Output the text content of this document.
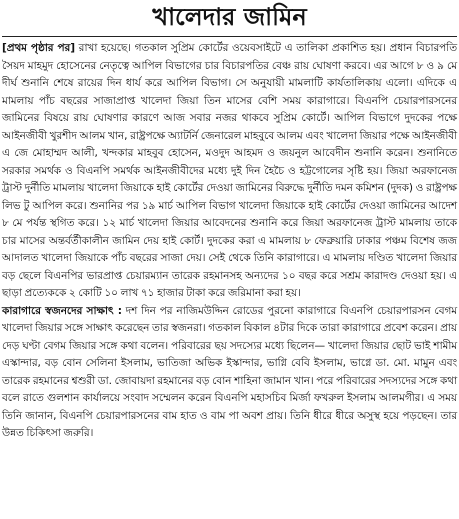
খালেদার জামিন

[প্রথম পৃষ্ঠার পর] রাখা হয়েছে। গতকাল সুপ্রিম কোর্টের ওয়েবসাইটে এ তালিকা প্রকাশিত হয়। প্রধান বিচারপতি সৈয়দ মাহমুদ হোসেনের নেতৃত্বে আপিল বিভাগের চার বিচারপতির বেঞ্চ রায় ঘোষণা করবে। এর আগে ৮ ও ৯ মে দীর্ঘ শুনানি শেষে রায়ের দিন ধার্য করে আপিল বিভাগ। সে অনুযায়ী মামলাটি কার্যতালিকায় এলো। এদিকে এ মামলায় পাঁচ বছরের সাজাপ্রাপ্ত খালেদা জিয়া তিন মাসের বেশি সময় কারাগারে। বিএনপি চেয়ারপারসনের জামিনের বিষয়ে রায় ঘোষণার কারণে আজ সবার নজর থাকবে সুপ্রিম কোর্টে। আপিল বিভাগে দুদকের পক্ষে আইনজীবী খুরশীদ আলম খান, রাষ্ট্রপক্ষে অ্যাটর্নি জেনারেল মাহবুবে আলম এবং খালেদা জিয়ার পক্ষে আইনজীবী এ জে মোহাম্মদ আলী, খন্দকার মাহবুব হোসেন, মওদুদ আহমদ ও জয়নুল আবেদীন শুনানি করেন। শুনানিতে সরকার সমর্থক ও বিএনপি সমর্থক আইনজীবীদের মধ্যে দুই দিন হৈচৈ ও হট্টগোলের সৃষ্টি হয়। জিয়া অরফানেজ ট্রাস্ট দুর্নীতি মামলায় খালেদা জিয়াকে হাই কোর্টের দেওয়া জামিনের বিরুদ্ধে দুর্নীতি দমন কমিশন (দুদক) ও রাষ্ট্রপক্ষ লিভ টু আপিল করে। শুনানির পর ১৯ মার্চ আপিল বিভাগ খালেদা জিয়াকে হাই কোর্টের দেওয়া জামিনের আদেশ ৮ মে পর্যন্ত স্থগিত করে। ১২ মার্চ খালেদা জিয়ার আবেদনের শুনানি করে জিয়া অরফানেজ ট্রাস্ট মামলায় তাকে চার মাসের অন্তর্বর্তীকালীন জামিন দেয় হাই কোর্ট। দুদকের করা এ মামলায় ৮ ফেব্রুয়ারি ঢাকার পঞ্চম বিশেষ জজ আদালত খালেদা জিয়াকে পাঁচ বছরের সাজা দেয়। সেই থেকে তিনি কারাগারে। এ মামলায় দণ্ডিত খালেদা জিয়ার বড় ছেলে বিএনপির ভারপ্রাপ্ত চেয়ারম্যান তারেক রহমানসহ অন্যদের ১০ বছর করে সশ্রম কারাদণ্ড দেওয়া হয়। এ ছাড়া প্রত্যেককে ২ কোটি ১০ লাখ ৭১ হাজার টাকা করে জরিমানা করা হয়।

কারাগারে স্বজনদের সাক্ষাৎ : দশ দিন পর নাজিমউদ্দিন রোডের পুরনো কারাগারে বিএনপি চেয়ারপারসন বেগম খালেদা জিয়ার সঙ্গে সাক্ষাৎ করেছেন তার স্বজনরা। গতকাল বিকাল ৪টার দিকে তারা কারাগারে প্রবেশ করেন। প্রায় দেড় ঘণ্টা বেগম জিয়ার সঙ্গে কথা বলেন। পরিবারের ছয় সদস্যের মধ্যে ছিলেন— খালেদা জিয়ার ছোট ভাই শামীম এস্কান্দার, বড় বোন সেলিনা ইসলাম, ভাতিজা অভিক ইস্কান্দার, ভাগ্নি বেবি ইসলাম, ভাগ্নে ডা. মো. মামুন এবং তারেক রহমানের শ্বশুরী ডা. জোবায়দা রহমানের বড় বোন শাহিনা জামান খান। পরে পরিবারের সদস্যদের সঙ্গে কথা বলে রাতে গুলশান কার্যালয়ে সংবাদ সম্মেলন করেন বিএনপি মহাসচিব মির্জা ফখরুল ইসলাম আলমগীর। এ সময় তিনি জানান, বিএনপি চেয়ারপারসনের বাম হাত ও বাম পা অবশ প্রায়। তিনি ধীরে ধীরে অসুস্থ হয়ে পড়ছেন। তার উন্নত চিকিৎসা জরুরি।
